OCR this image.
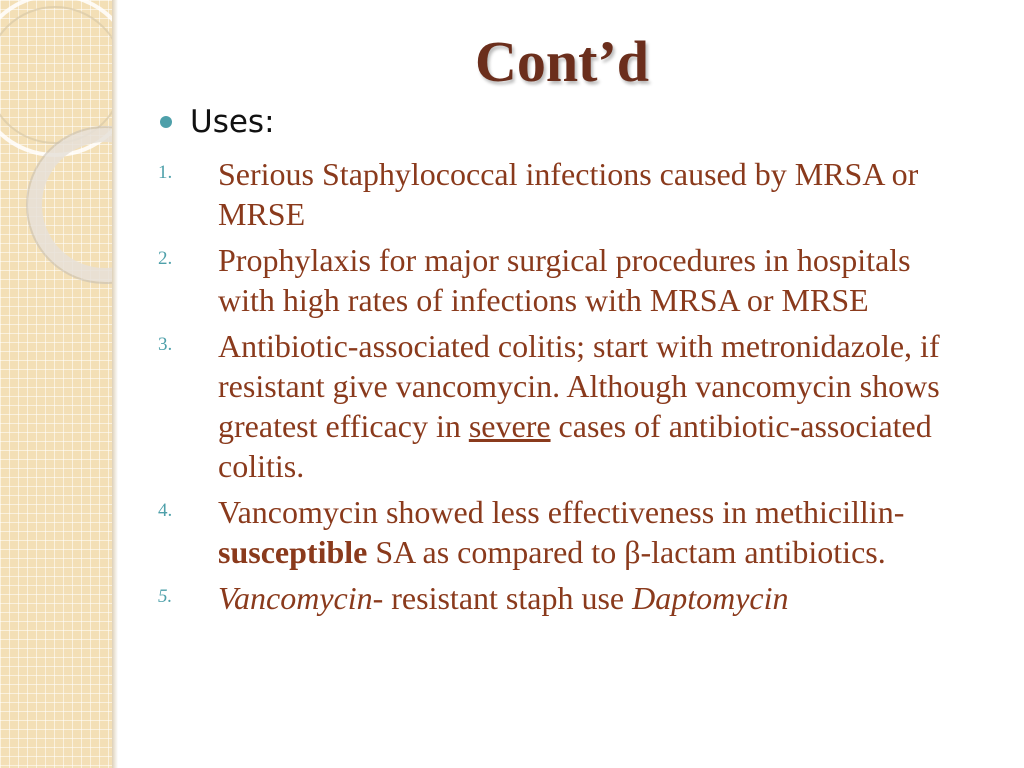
Cont’d
Uses:
1.	Serious Staphylococcal infections caused by MRSA or MRSE
2.	Prophylaxis for major surgical procedures in hospitals with high rates of infections with MRSA or MRSE
3.	Antibiotic-associated colitis; start with metronidazole, if resistant give vancomycin. Although vancomycin shows greatest efficacy in severe cases of antibiotic-associated colitis.
4.	Vancomycin showed less effectiveness in methicillin-susceptible SA as compared to β-lactam antibiotics.
5.	Vancomycin- resistant staph use Daptomycin
